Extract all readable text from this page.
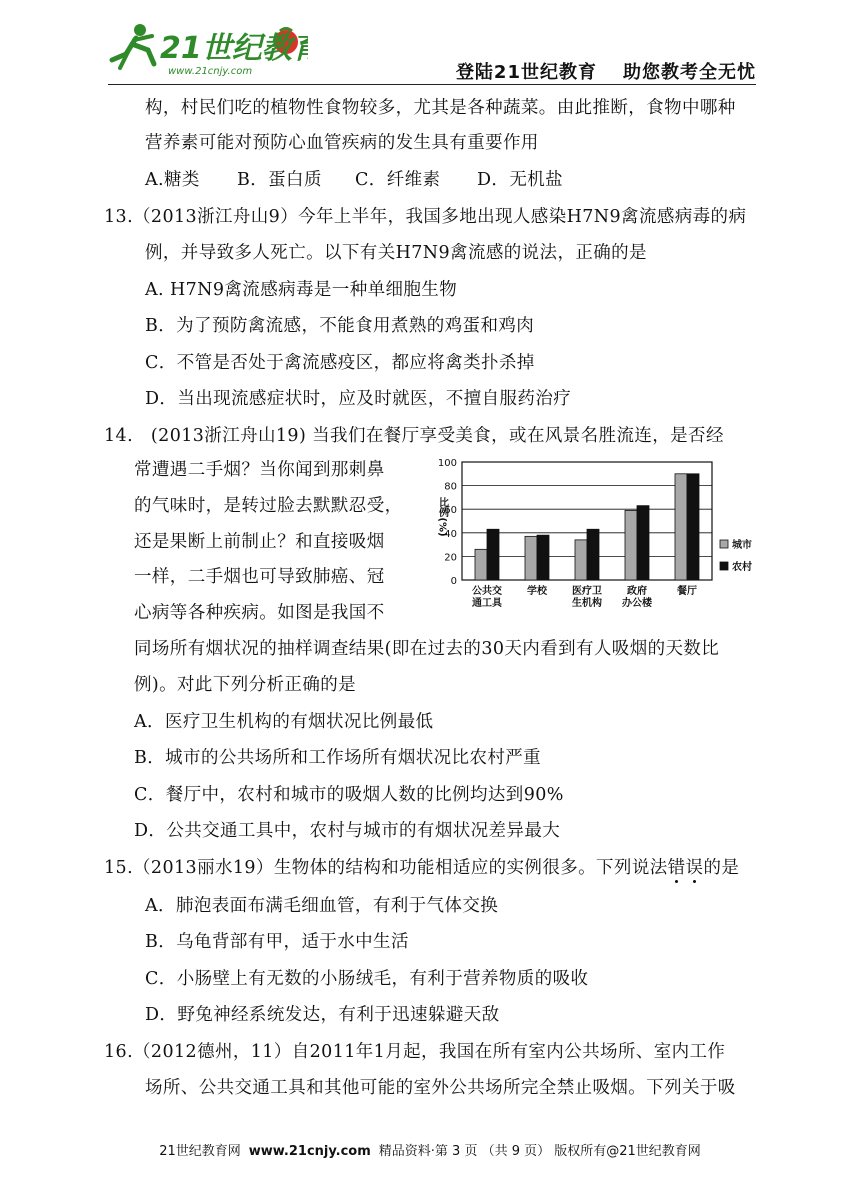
21世纪教育
www.21cnjy.com	登陆21世纪教育 助您教考全无忧
构，村民们吃的植物性食物较多，尤其是各种蔬菜。由此推断，食物中哪种
营养素可能对预防心血管疾病的发生具有重要作用
A.糖类 B．蛋白质 C．纤维素 D．无机盐
13.（2013浙江舟山9）今年上半年，我国多地出现人感染H7N9禽流感病毒的病
例，并导致多人死亡。以下有关H7N9禽流感的说法，正确的是
A. H7N9禽流感病毒是一种单细胞生物
B．为了预防禽流感，不能食用煮熟的鸡蛋和鸡肉
C．不管是否处于禽流感疫区，都应将禽类扑杀掉
D．当出现流感症状时，应及时就医，不擅自服药治疗
14.　(2013浙江舟山19) 当我们在餐厅享受美食，或在风景名胜流连，是否经
常遭遇二手烟？当你闻到那刺鼻
的气味时，是转过脸去默默忍受，
还是果断上前制止？和直接吸烟
一样，二手烟也可导致肺癌、冠
心病等各种疾病。如图是我国不
0
20
40
60
80
100
比例(%)
公共交
通工具
学校	医疗卫
生机构
政府
办公楼
餐厅
城市
农村
同场所有烟状况的抽样调查结果(即在过去的30天内看到有人吸烟的天数比
例)。对此下列分析正确的是
A．医疗卫生机构的有烟状况比例最低
B．城市的公共场所和工作场所有烟状况比农村严重
C．餐厅中，农村和城市的吸烟人数的比例均达到90%
D．公共交通工具中，农村与城市的有烟状况差异最大
15.（2013丽水19）生物体的结构和功能相适应的实例很多。下列说法错误的是
A．肺泡表面布满毛细血管，有利于气体交换
B．乌龟背部有甲，适于水中生活
C．小肠壁上有无数的小肠绒毛，有利于营养物质的吸收
D．野兔神经系统发达，有利于迅速躲避天敌
16.（2012德州，11）自2011年1月起，我国在所有室内公共场所、室内工作
场所、公共交通工具和其他可能的室外公共场所完全禁止吸烟。下列关于吸
21世纪教育网 www.21cnjy.com 精品资料·第 3 页 （共 9 页） 版权所有@21世纪教育网
